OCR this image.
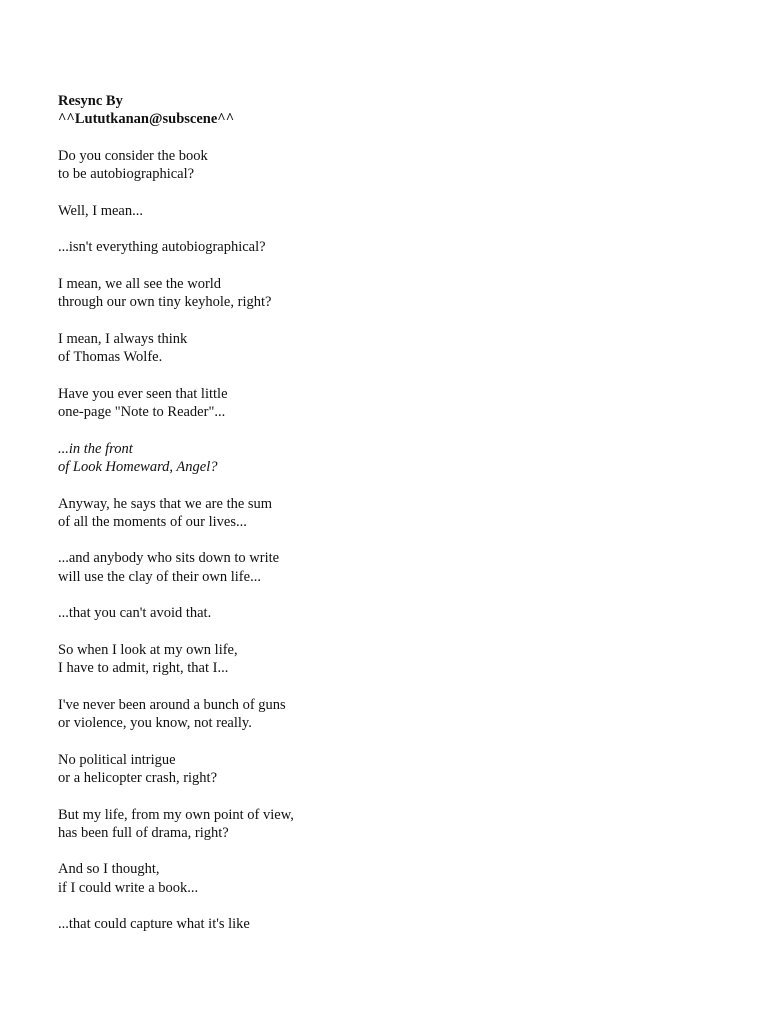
Resync By
^^Lututkanan@subscene^^
Do you consider the book
to be autobiographical?
Well, I mean...
...isn't everything autobiographical?
I mean, we all see the world
through our own tiny keyhole, right?
I mean, I always think
of Thomas Wolfe.
Have you ever seen that little
one-page "Note to Reader"...
...in the front
of Look Homeward, Angel?
Anyway, he says that we are the sum
of all the moments of our lives...
...and anybody who sits down to write
will use the clay of their own life...
...that you can't avoid that.
So when I look at my own life,
I have to admit, right, that I...
I've never been around a bunch of guns
or violence, you know, not really.
No political intrigue
or a helicopter crash, right?
But my life, from my own point of view,
has been full of drama, right?
And so I thought,
if I could write a book...
...that could capture what it's like
